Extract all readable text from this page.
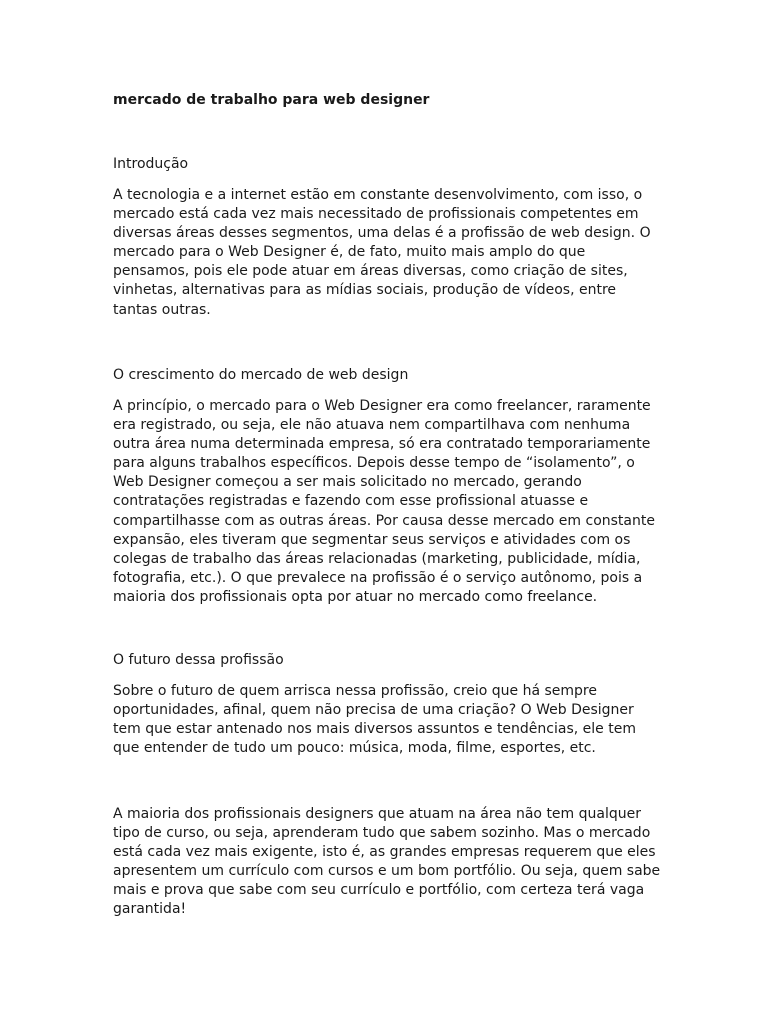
mercado de trabalho para web designer
Introdução
A tecnologia e a internet estão em constante desenvolvimento, com isso, o
mercado está cada vez mais necessitado de profissionais competentes em
diversas áreas desses segmentos, uma delas é a profissão de web design. O
mercado para o Web Designer é, de fato, muito mais amplo do que
pensamos, pois ele pode atuar em áreas diversas, como criação de sites,
vinhetas, alternativas para as mídias sociais, produção de vídeos, entre
tantas outras.
O crescimento do mercado de web design
A princípio, o mercado para o Web Designer era como freelancer, raramente
era registrado, ou seja, ele não atuava nem compartilhava com nenhuma
outra área numa determinada empresa, só era contratado temporariamente
para alguns trabalhos específicos. Depois desse tempo de “isolamento”, o
Web Designer começou a ser mais solicitado no mercado, gerando
contratações registradas e fazendo com esse profissional atuasse e
compartilhasse com as outras áreas. Por causa desse mercado em constante
expansão, eles tiveram que segmentar seus serviços e atividades com os
colegas de trabalho das áreas relacionadas (marketing, publicidade, mídia,
fotografia, etc.). O que prevalece na profissão é o serviço autônomo, pois a
maioria dos profissionais opta por atuar no mercado como freelance.
O futuro dessa profissão
Sobre o futuro de quem arrisca nessa profissão, creio que há sempre
oportunidades, afinal, quem não precisa de uma criação? O Web Designer
tem que estar antenado nos mais diversos assuntos e tendências, ele tem
que entender de tudo um pouco: música, moda, filme, esportes, etc.
A maioria dos profissionais designers que atuam na área não tem qualquer
tipo de curso, ou seja, aprenderam tudo que sabem sozinho. Mas o mercado
está cada vez mais exigente, isto é, as grandes empresas requerem que eles
apresentem um currículo com cursos e um bom portfólio. Ou seja, quem sabe
mais e prova que sabe com seu currículo e portfólio, com certeza terá vaga
garantida!
